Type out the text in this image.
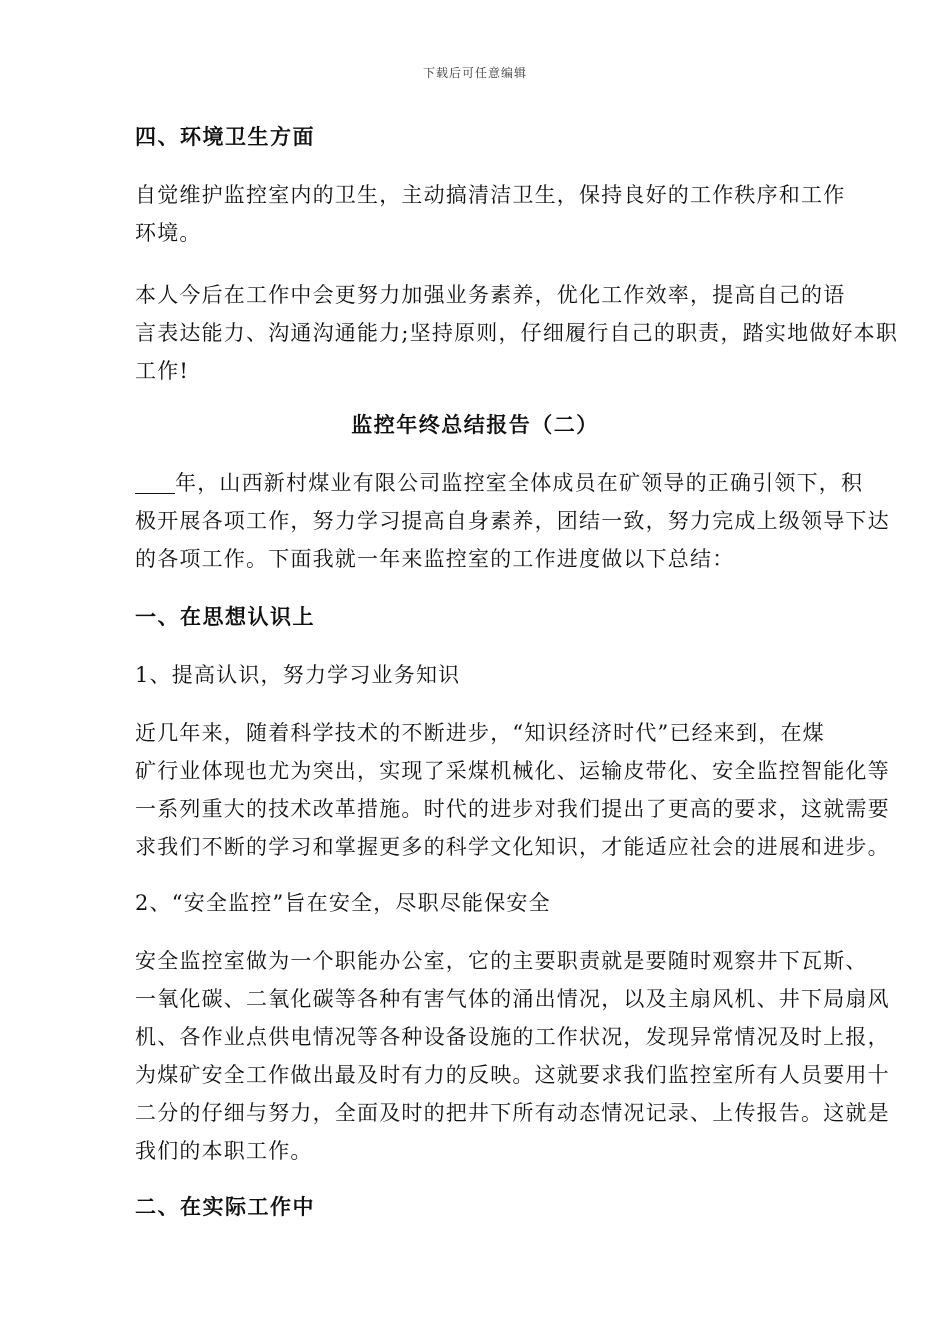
下载后可任意编辑
四、环境卫生方面
自觉维护监控室内的卫生，主动搞清洁卫生，保持良好的工作秩序和工作
环境。
本人今后在工作中会更努力加强业务素养，优化工作效率，提高自己的语
言表达能力、沟通沟通能力;坚持原则，仔细履行自己的职责，踏实地做好本职
工作!
监控年终总结报告（二）
年，山西新村煤业有限公司监控室全体成员在矿领导的正确引领下，积
极开展各项工作，努力学习提高自身素养，团结一致，努力完成上级领导下达
的各项工作。下面我就一年来监控室的工作进度做以下总结：
一、在思想认识上
1、提高认识，努力学习业务知识
近几年来，随着科学技术的不断进步，“知识经济时代”已经来到，在煤
矿行业体现也尤为突出，实现了采煤机械化、运输皮带化、安全监控智能化等
一系列重大的技术改革措施。时代的进步对我们提出了更高的要求，这就需要
求我们不断的学习和掌握更多的科学文化知识，才能适应社会的进展和进步。
2、“安全监控”旨在安全，尽职尽能保安全
安全监控室做为一个职能办公室，它的主要职责就是要随时观察井下瓦斯、
一氧化碳、二氧化碳等各种有害气体的涌出情况，以及主扇风机、井下局扇风
机、各作业点供电情况等各种设备设施的工作状况，发现异常情况及时上报，
为煤矿安全工作做出最及时有力的反映。这就要求我们监控室所有人员要用十
二分的仔细与努力，全面及时的把井下所有动态情况记录、上传报告。这就是
我们的本职工作。
二、在实际工作中
